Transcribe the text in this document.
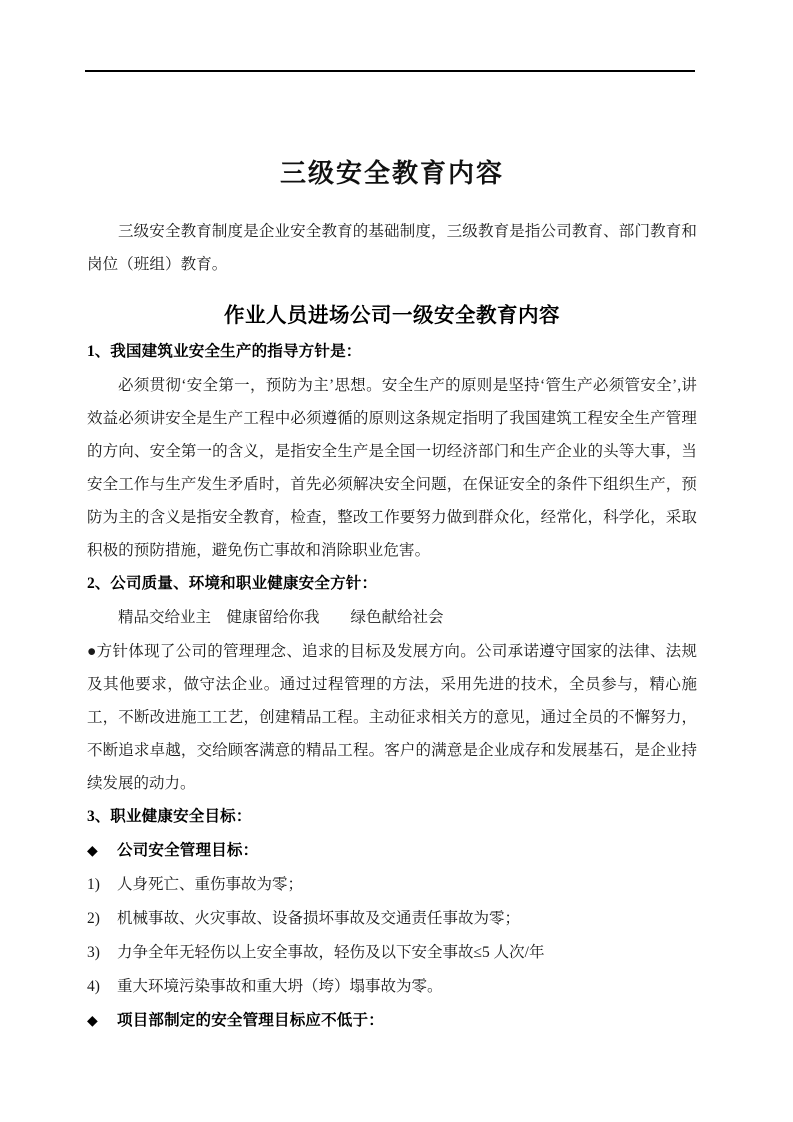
三级安全教育内容

三级安全教育制度是企业安全教育的基础制度，三级教育是指公司教育、部门教育和岗位（班组）教育。

作业人员进场公司一级安全教育内容
1、 我国建筑业安全生产的指导方针是：

必须贯彻‘安全第一，预防为主’思想。安全生产的原则是坚持‘管生产必须管安全’,讲效益必须讲安全是生产工程中必须遵循的原则这条规定指明了我国建筑工程安全生产管理的方向、安全第一的含义，是指安全生产是全国一切经济部门和生产企业的头等大事，当安全工作与生产发生矛盾时，首先必须解决安全问题，在保证安全的条件下组织生产，预防为主的含义是指安全教育，检查，整改工作要努力做到群众化，经常化，科学化，采取积极的预防措施，避免伤亡事故和消除职业危害。

2、 公司质量、环境和职业健康安全方针：

精品交给业主　健康留给你我　　绿色献给社会

●方针体现了公司的管理理念、追求的目标及发展方向。公司承诺遵守国家的法律、法规及其他要求，做守法企业。通过过程管理的方法，采用先进的技术，全员参与，精心施工，不断改进施工工艺，创建精品工程。主动征求相关方的意见，通过全员的不懈努力，不断追求卓越，交给顾客满意的精品工程。客户的满意是企业成存和发展基石，是企业持续发展的动力。

3、 职业健康安全目标：
◆	公司安全管理目标：
1)	人身死亡、重伤事故为零；
2)	机械事故、火灾事故、设备损坏事故及交通责任事故为零；
3)	力争全年无轻伤以上安全事故，轻伤及以下安全事故≤5 人次/年
4)	重大环境污染事故和重大坍（垮）塌事故为零。
◆	项目部制定的安全管理目标应不低于：
